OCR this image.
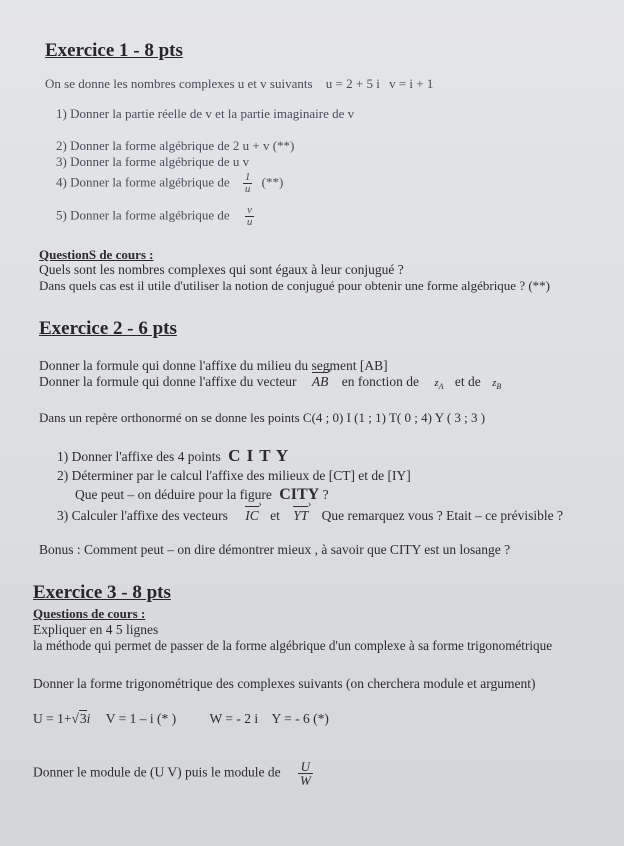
Exercice 1 - 8 pts
On se donne les nombres complexes u et v suivants u = 2 + 5 i v = i + 1
1) Donner la partie réelle de v et la partie imaginaire de v
2) Donner la forme algébrique de 2 u + v (**)
3) Donner la forme algébrique de u v
4) Donner la forme algébrique de $\frac{1}{u}$ (**)
5) Donner la forme algébrique de $\frac{v}{u}$
QuestionS de cours :
Quels sont les nombres complexes qui sont égaux à leur conjugué ?
Dans quels cas est il utile d'utiliser la notion de conjugué pour obtenir une forme algébrique ? (**)
Exercice 2 - 6 pts
Donner la formule qui donne l'affixe du milieu du segment [AB]
Donner la formule qui donne l'affixe du vecteur AB › en fonction de $z_A$ et de $z_B$
Dans un repère orthonormé on se donne les points C(4 ; 0) I (1 ; 1) T( 0 ; 4) Y ( 3 ; 3 )
1) Donner l'affixe des 4 points C I T Y
2) Déterminer par le calcul l'affixe des milieux de [CT] et de [IY]
Que peut – on déduire pour la figure CITY ?
3) Calculer l'affixe des vecteurs IC › et YT › Que remarquez vous ? Etait – ce prévisible ?
Bonus : Comment peut – on dire démontrer mieux , à savoir que CITY est un losange ?
Exercice 3 - 8 pts
Questions de cours :
Expliquer en 4 5 lignes
la méthode qui permet de passer de la forme algébrique d'un complexe à sa forme trigonométrique
Donner la forme trigonométrique des complexes suivants (on cherchera module et argument)
U = 1+√3i V = 1 – i (* ) W = - 2 i Y = - 6 (*)
Donner le module de (U V) puis le module de $\frac{U}{W}$
